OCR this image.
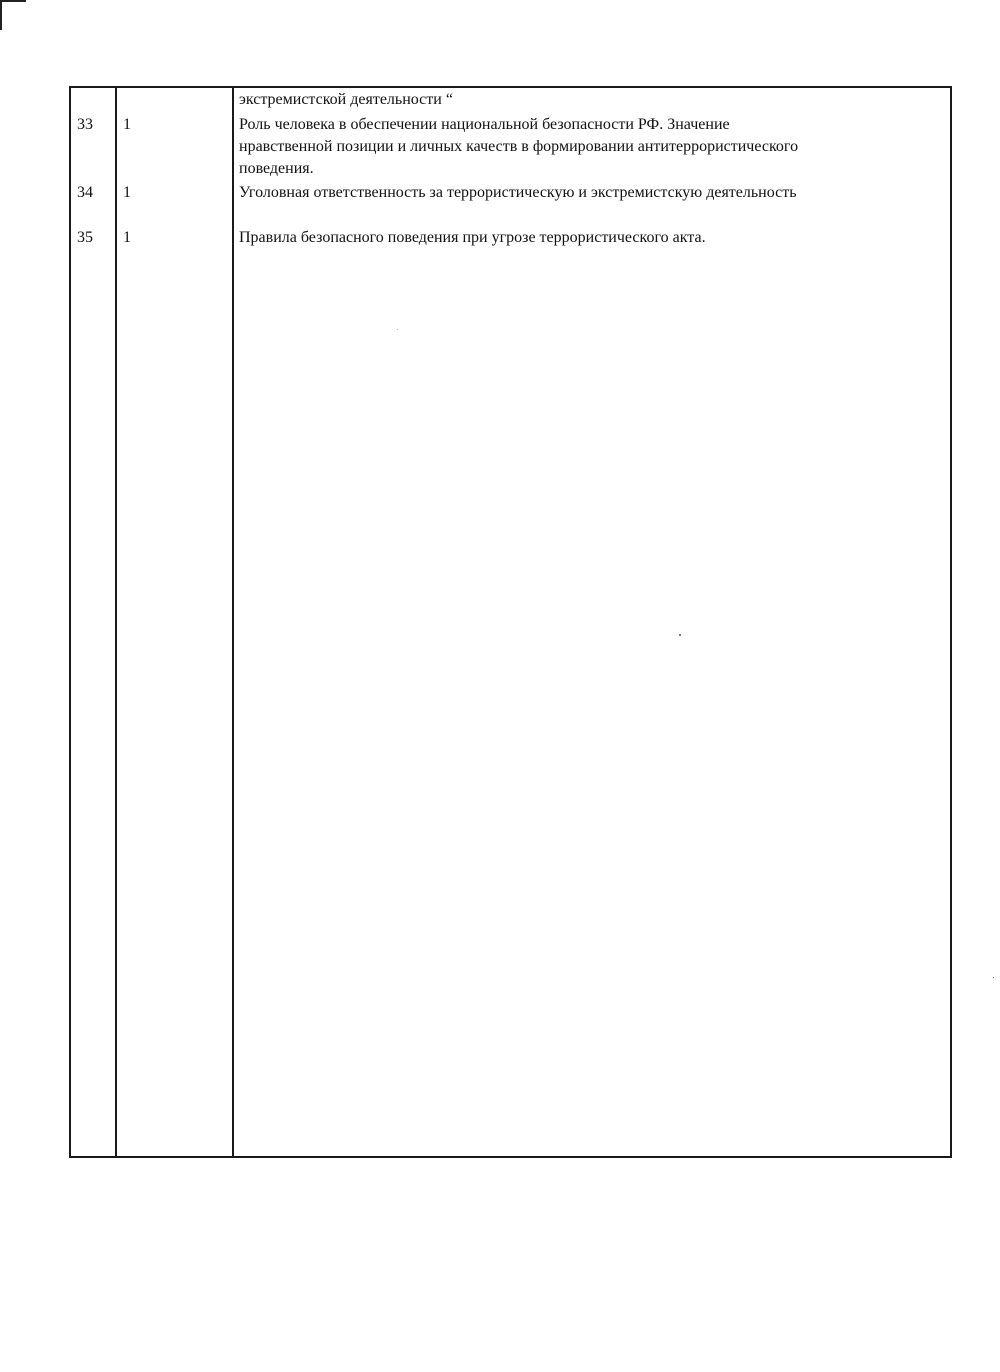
экстремистской деятельности “
33 1	Роль человека в обеспечении национальной безопасности РФ. Значение
нравственной позиции и личных качеств в формировании антитеррористического
поведения.
34 1	Уголовная ответственность за террористическую и экстремистскую деятельность
35 1	Правила безопасного поведения при угрозе террористического акта.
